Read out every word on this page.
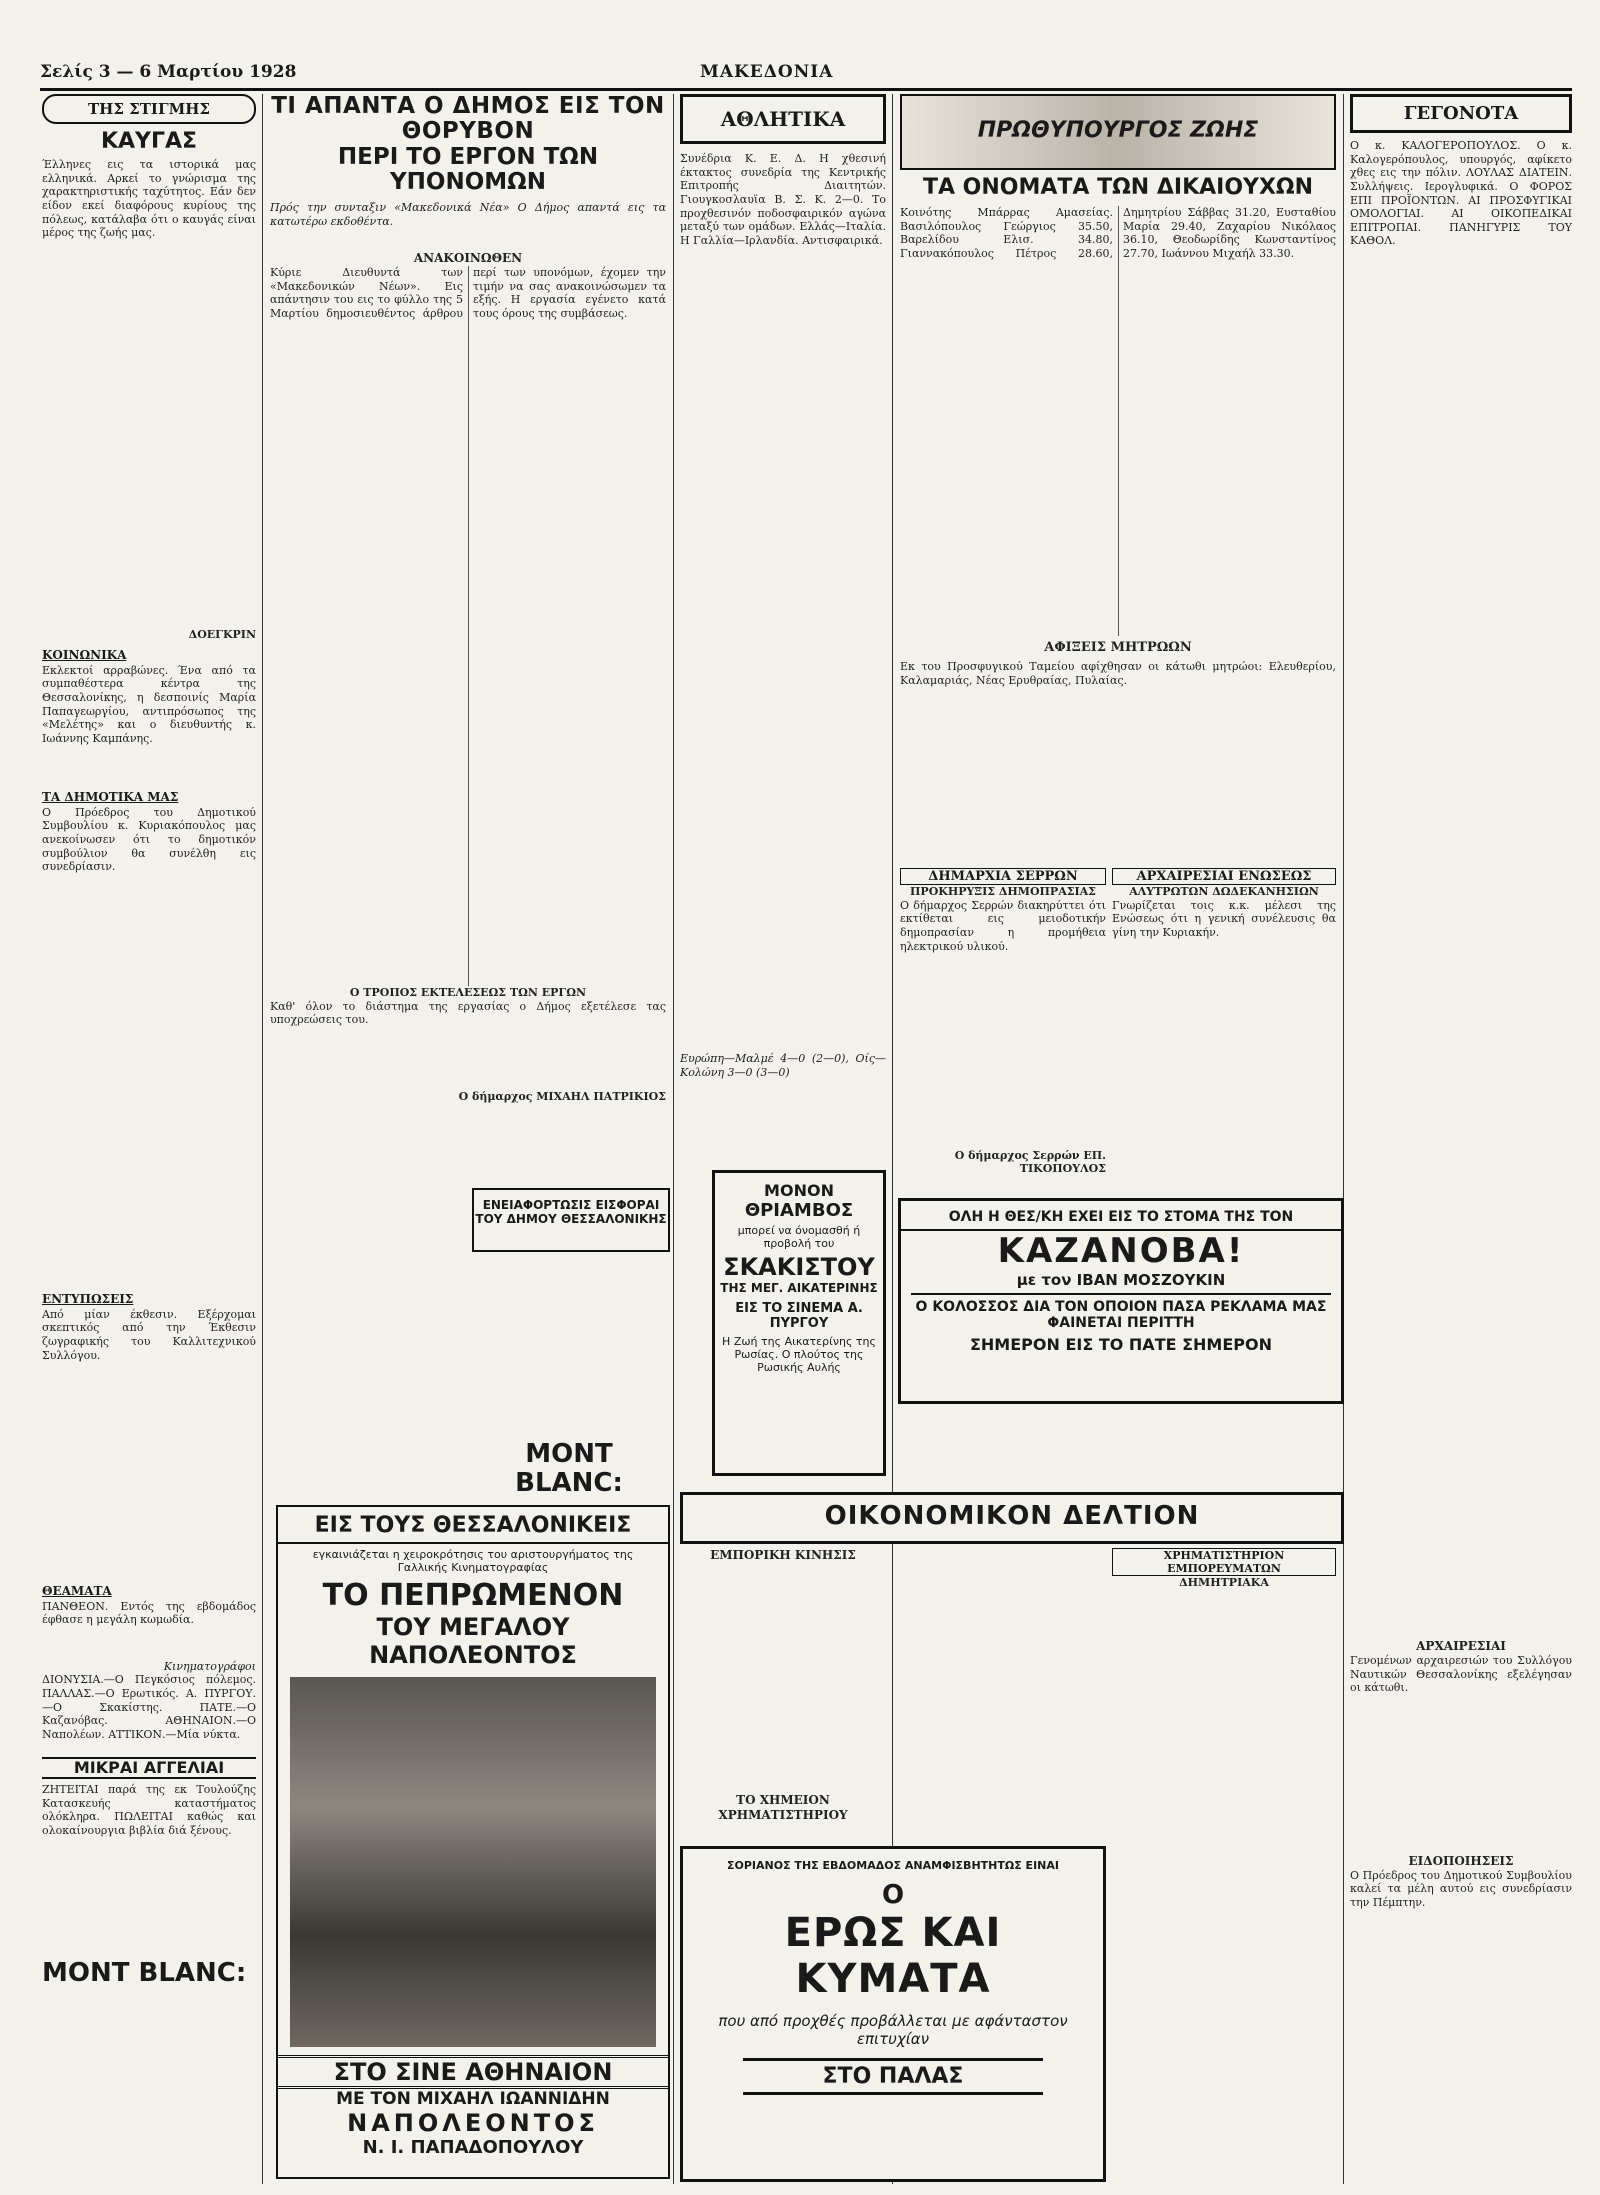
Σελίς 3 — 6 Μαρτίου 1928	ΜΑΚΕΔΟΝΙΑ
ΤΗΣ ΣΤΙΓΜΗΣ
ΚΑΥΓΑΣ
Έλληνες εις τα ιστορικά μας ελληνικά. Αρκεί το γνώρισμα της χαρακτηριστικής ταχύτητος. Εάν δεν είδον εκεί διαφόρους κυρίους της πόλεως, κατάλαβα ότι ο καυγάς είναι μέρος της ζωής μας.
ΔΟΕΓΚΡΙΝ
ΚΟΙΝΩΝΙΚΑ
Εκλεκτοί αρραβώνες. Ένα από τα συμπαθέστερα κέντρα της Θεσσαλονίκης, η δεσποινίς Μαρία Παπαγεωργίου, αντιπρόσωπος της «Μελέτης» και ο διευθυντής κ. Ιωάννης Καμπάνης.
ΤΑ ΔΗΜΟΤΙΚΑ ΜΑΣ
Ο Πρόεδρος του Δημοτικού Συμβουλίου κ. Κυριακόπουλος μας ανεκοίνωσεν ότι το δημοτικόν συμβούλιον θα συνέλθη εις συνεδρίασιν.
ΕΝΤΥΠΩΣΕΙΣ
Από μίαν έκθεσιν. Εξέρχομαι σκεπτικός από την Έκθεσιν ζωγραφικής του Καλλιτεχνικού Συλλόγου.
ΘΕΑΜΑΤΑ
ΠΑΝΘΕΟΝ. Εντός της εβδομάδος έφθασε η μεγάλη κωμωδία.
Κινηματογράφοι
ΔΙΟΝΥΣΙΑ.—Ο Πεγκόσιος πόλεμος. ΠΑΛΛΑΣ.—Ο Ερωτικός. Α. ΠΥΡΓΟΥ.—Ο Σκακίστης. ΠΑΤΕ.—Ο Καζανόβας. ΑΘΗΝΑΙΟΝ.—Ο Ναπολέων. ΑΤΤΙΚΟΝ.—Μία νύκτα.
ΜΙΚΡΑΙ ΑΓΓΕΛΙΑΙ
ΖΗΤΕΙΤΑΙ παρά της εκ Τουλούζης Κατασκευής καταστήματος ολόκληρα. ΠΩΛΕΙΤΑΙ καθώς και ολοκαίνουργια βιβλία διά ξένους.
MONT BLANC:
ΤΙ ΑΠΑΝΤΑ Ο ΔΗΜΟΣ ΕΙΣ ΤΟΝ ΘΟΡΥΒΟΝ
ΠΕΡΙ ΤΟ ΕΡΓΟΝ ΤΩΝ ΥΠΟΝΟΜΩΝ
Πρός την συνταξιν «Μακεδονικά Νέα» Ο Δήμος απαντά εις τα κατωτέρω εκδοθέντα.
ΑΝΑΚΟΙΝΩΘΕΝ
Κύριε Διευθυντά των «Μακεδονικών Νέων». Εις απάντησιν του εις το φύλλο της 5 Μαρτίου δημοσιευθέντος άρθρου περί των υπονόμων, έχομεν την τιμήν να σας ανακοινώσωμεν τα εξής. Η εργασία εγένετο κατά τους όρους της συμβάσεως.
Ο ΤΡΟΠΟΣ ΕΚΤΕΛΕΣΕΩΣ ΤΩΝ ΕΡΓΩΝ
Καθ' όλον το διάστημα της εργασίας ο Δήμος εξετέλεσε τας υποχρεώσεις του.
Ο δήμαρχος ΜΙΧΑΗΛ ΠΑΤΡΙΚΙΟΣ
ΕΝΕΙΑΦΟΡΤΩΣΙΣ ΕΙΣΦΟΡΑΙ
ΤΟΥ ΔΗΜΟΥ ΘΕΣΣΑΛΟΝΙΚΗΣ
MONT BLANC:
ΕΙΣ ΤΟΥΣ ΘΕΣΣΑΛΟΝΙΚΕΙΣ
εγκαινιάζεται η χειροκρότησις του αριστουργήματος της Γαλλικής Κινηματογραφίας
ΤΟ ΠΕΠΡΩΜΕΝΟΝ
ΤΟΥ ΜΕΓΑΛΟΥ ΝΑΠΟΛΕΟΝΤΟΣ
ΣΤΟ ΣΙΝΕ ΑΘΗΝΑΙΟΝ
ΜΕ ΤΟΝ ΜΙΧΑΗΛ ΙΩΑΝΝΙΔΗΝ
ΝΑΠΟΛΕΟΝΤΟΣ
Ν. Ι. ΠΑΠΑΔΟΠΟΥΛΟΥ
ΑΘΛΗΤΙΚΑ
Συνέδρια Κ. Ε. Δ. Η χθεσινή έκτακτος συνεδρία της Κεντρικής Επιτροπής Διαιτητών. Γιουγκοσλαυϊα Β. Σ. Κ. 2—0. Το προχθεσινόν ποδοσφαιρικόν αγώνα μεταξύ των ομάδων. Ελλάς—Ιταλία. Η Γαλλία—Ιρλανδία. Αντισφαιρικά.
Ευρώπη—Μαλμέ 4—0 (2—0), Οίς—Κολώνη 3—0 (3—0)
ΜΟΝΟΝ
ΘΡΙΑΜΒΟΣ
μπορεί να όνομασθή ή προβολή του
ΣΚΑΚΙΣΤΟΥ
ΤΗΣ ΜΕΓ. ΑΙΚΑΤΕΡΙΝΗΣ
ΕΙΣ ΤΟ ΣΙΝΕΜΑ Α. ΠΥΡΓΟΥ
Η Ζωή της Αικατερίνης της Ρωσίας. Ο πλούτος της Ρωσικής Αυλής
ΠΡΩΘΥΠΟΥΡΓΟΣ ΖΩΗΣ
ΤΑ ΟΝΟΜΑΤΑ ΤΩΝ ΔΙΚΑΙΟΥΧΩΝ
Κοινότης Μπάρρας Αμασείας. Βασιλόπουλος Γεώργιος 35.50, Βαρελίδου Ελισ. 34.80, Γιαννακόπουλος Πέτρος 28.60, Δημητρίου Σάββας 31.20, Ευσταθίου Μαρία 29.40, Ζαχαρίου Νικόλαος 36.10, Θεοδωρίδης Κωνσταντίνος 27.70, Ιωάννου Μιχαήλ 33.30.
ΑΦΙΞΕΙΣ ΜΗΤΡΩΩΝ
Εκ του Προσφυγικού Ταμείου αφίχθησαν οι κάτωθι μητρώοι: Ελευθερίου, Καλαμαριάς, Νέας Ερυθραίας, Πυλαίας.
ΔΗΜΑΡΧΙΑ ΣΕΡΡΩΝ
ΠΡΟΚΗΡΥΞΙΣ ΔΗΜΟΠΡΑΣΙΑΣ
Ο δήμαρχος Σερρών διακηρύττει ότι εκτίθεται εις μειοδοτικήν δημοπρασίαν η προμήθεια ηλεκτρικού υλικού.
Ο δήμαρχος Σερρών ΕΠ. ΤΙΚΟΠΟΥΛΟΣ
ΑΡΧΑΙΡΕΣΙΑΙ ΕΝΩΣΕΩΣ
ΑΛΥΤΡΩΤΩΝ ΔΩΔΕΚΑΝΗΣΙΩΝ
Γνωρίζεται τοις κ.κ. μέλεσι της Ενώσεως ότι η γενική συνέλευσις θα γίνη την Κυριακήν.
ΟΛΗ Η ΘΕΣ/ΚΗ ΕΧΕΙ ΕΙΣ ΤΟ ΣΤΟΜΑ ΤΗΣ ΤΟΝ
ΚΑΖΑΝΟΒΑ!
με τον ΙΒΑΝ ΜΟΣΖΟΥΚΙΝ
Ο ΚΟΛΟΣΣΟΣ ΔΙΑ ΤΟΝ ΟΠΟΙΟΝ ΠΑΣΑ ΡΕΚΛΑΜΑ ΜΑΣ ΦΑΙΝΕΤΑΙ ΠΕΡΙΤΤΗ
ΣΗΜΕΡΟΝ ΕΙΣ ΤΟ ΠΑΤΕ ΣΗΜΕΡΟΝ
ΟΙΚΟΝΟΜΙΚΟΝ ΔΕΛΤΙΟΝ
ΕΜΠΟΡΙΚΗ ΚΙΝΗΣΙΣ
ΤΟ ΧΗΜΕΙΟΝ ΧΡΗΜΑΤΙΣΤΗΡΙΟΥ
ΧΡΗΜΑΤΙΣΤΗΡΙΟΝ ΕΜΠΟΡΕΥΜΑΤΩΝ
ΔΗΜΗΤΡΙΑΚΑ
ΣΟΡΙΑΝΟΣ ΤΗΣ ΕΒΔΟΜΑΔΟΣ ΑΝΑΜΦΙΣΒΗΤΗΤΩΣ ΕΙΝΑΙ
Ο
ΕΡΩΣ ΚΑΙ ΚΥΜΑΤΑ
που από προχθές προβάλλεται με αφάνταστον επιτυχίαν
ΣΤΟ ΠΑΛΑΣ
ΓΕΓΟΝΟΤΑ
Ο κ. ΚΑΛΟΓΕΡΟΠΟΥΛΟΣ. Ο κ. Καλογερόπουλος, υπουργός, αφίκετο χθες εις την πόλιν. ΛΟΥΛΑΣ ΔΙΑΤΕΙΝ. Συλλήψεις. Ιερογλυφικά. Ο ΦΟΡΟΣ ΕΠΙ ΠΡΟΪΟΝΤΩΝ. ΑΙ ΠΡΟΣΦΥΓΙΚΑΙ ΟΜΟΛΟΓΙΑΙ. ΑΙ ΟΙΚΟΠΕΔΙΚΑΙ ΕΠΙΤΡΟΠΑΙ. ΠΑΝΗΓΥΡΙΣ ΤΟΥ ΚΑΘΟΛ.
ΑΡΧΑΙΡΕΣΙΑΙ
Γενομένων αρχαιρεσιών του Συλλόγου Ναυτικών Θεσσαλονίκης εξελέγησαν οι κάτωθι.
ΕΙΔΟΠΟΙΗΣΕΙΣ
Ο Πρόεδρος του Δημοτικού Συμβουλίου καλεί τα μέλη αυτού εις συνεδρίασιν την Πέμπτην.
